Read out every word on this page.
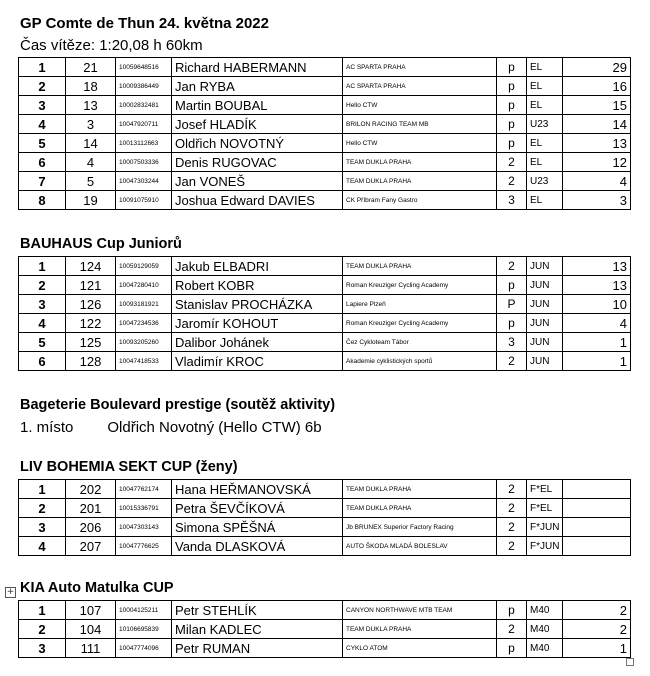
GP Comte de Thun 24. května 2022
Čas vítěze: 1:20,08 h 60km
1	21	10059648516	Richard HABERMANN	AC SPARTA PRAHA	p	EL	29
2	18	10009386449	Jan RYBA	AC SPARTA PRAHA	p	EL	16
3	13	10002832481	Martin BOUBAL	Hello CTW	p	EL	15
4	3	10047920711	Josef HLADÍK	BRILON RACING TEAM MB	p	U23	14
5	14	10013112663	Oldřich NOVOTNÝ	Hello CTW	p	EL	13
6	4	10007503336	Denis RUGOVAC	TEAM DUKLA PRAHA	2	EL	12
7	5	10047303244	Jan VONEŠ	TEAM DUKLA PRAHA	2	U23	4
8	19	10091075910	Joshua Edward DAVIES	CK Příbram Fany Gastro	3	EL	3
BAUHAUS Cup Juniorů
1	124	10059129059	Jakub ELBADRI	TEAM DUKLA PRAHA	2	JUN	13
2	121	10047280410	Robert KOBR	Roman Kreuziger Cycling Academy	p	JUN	13
3	126	10093181921	Stanislav PROCHÁZKA	Lapiere Plzeň	P	JUN	10
4	122	10047234536	Jaromír KOHOUT	Roman Kreuziger Cycling Academy	p	JUN	4
5	125	10093205260	Dalibor Johánek	Čez Cykloteam Tábor	3	JUN	1
6	128	10047418533	Vladimír KROC	Akademie cyklistických sportů	2	JUN	1
Bageterie Boulevard prestige (soutěž aktivity)
1. místo Oldřich Novotný (Hello CTW) 6b
LIV BOHEMIA SEKT CUP (ženy)
1	202	10047762174	Hana HEŘMANOVSKÁ	TEAM DUKLA PRAHA	2	F*EL	
2	201	10015336791	Petra ŠEVČÍKOVÁ	TEAM DUKLA PRAHA	2	F*EL	
3	206	10047303143	Simona SPĚŠNÁ	Jb BRUNEX Superior Factory Racing	2	F*JUN	
4	207	10047776625	Vanda DLASKOVÁ	AUTO ŠKODA MLADÁ BOLESLAV	2	F*JUN	
+ KIA Auto Matulka CUP
1	107	10004125211	Petr STEHLÍK	CANYON NORTHWAVE MTB TEAM	p	M40	2
2	104	10106695839	Milan KADLEC	TEAM DUKLA PRAHA	2	M40	2
3	111	10047774096	Petr RUMAN	CYKLO ATOM	p	M40	1
